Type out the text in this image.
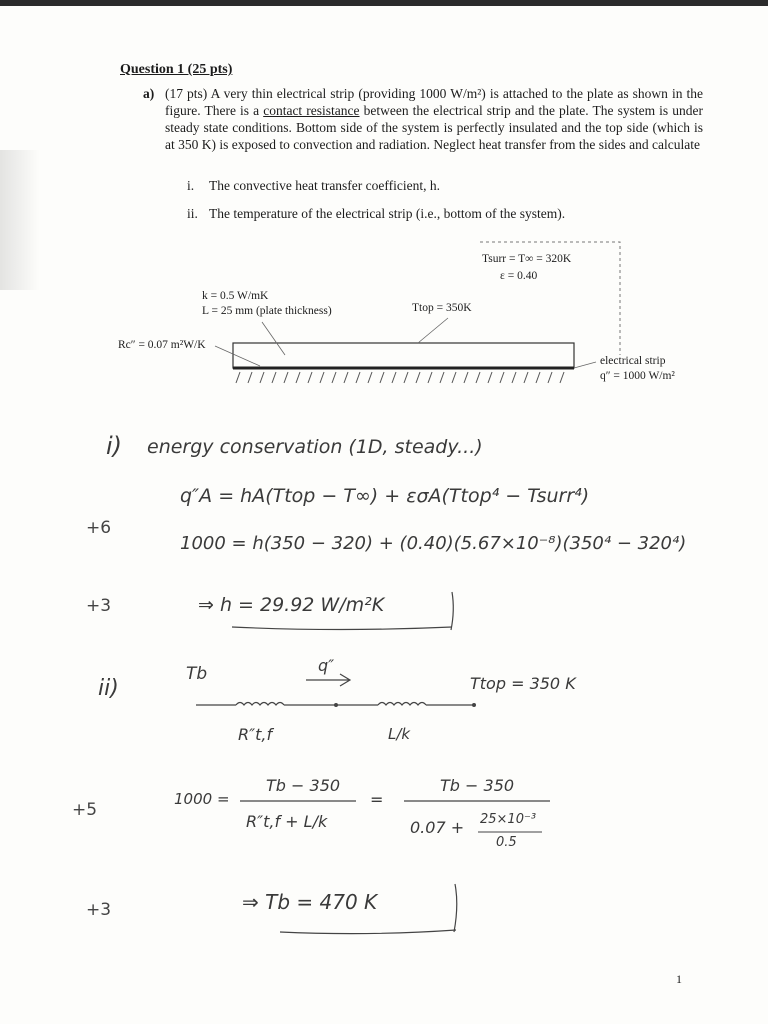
Question 1 (25 pts)
a) (17 pts) A very thin electrical strip (providing 1000 W/m²) is attached to the plate as shown in the figure. There is a contact resistance between the electrical strip and the plate. The system is under steady state conditions. Bottom side of the system is perfectly insulated and the top side (which is at 350 K) is exposed to convection and radiation. Neglect heat transfer from the sides and calculate
i. The convective heat transfer coefficient, h.
ii. The temperature of the electrical strip (i.e., bottom of the system).
Tsurr = T∞ = 320K
ε = 0.40
k = 0.5 W/mK
L = 25 mm (plate thickness)	Ttop = 350K
Rc″ = 0.07 m²W/K
electrical strip
q″ = 1000 W/m²
i) energy conservation (1D, steady...)
q″A = hA(Ttop − T∞) + εσA(Ttop⁴ − Tsurr⁴)
1000 = h(350 − 320) + (0.40)(5.67×10⁻⁸)(350⁴ − 320⁴)
⇒ h = 29.92 W/m²K
ii)
Tb	q″
Ttop = 350 K
R″t,f	L/k
1000 =
Tb − 350
R″t,f + L/k
=
Tb − 350
0.07 + 25×10⁻³
0.5
⇒ Tb = 470 K
+6
+3
+5
+3
1
